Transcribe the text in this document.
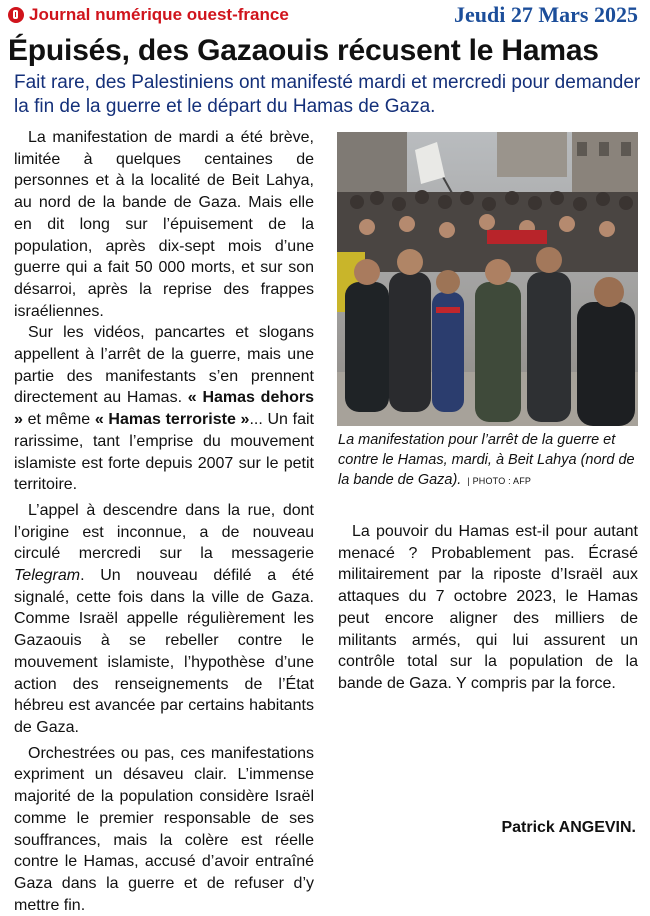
Journal numérique ouest-france	Jeudi 27 Mars 2025
Épuisés, des Gazaouis récusent le Hamas
Fait rare, des Palestiniens ont manifesté mardi et mercredi pour demander la fin de la guerre et le départ du Hamas de Gaza.

La manifestation de mardi a été brève, limitée à quelques centaines de personnes et à la localité de Beit Lahya, au nord de la bande de Gaza. Mais elle en dit long sur l’épuisement de la population, après dix-sept mois d’une guerre qui a fait 50 000 morts, et sur son désarroi, après la reprise des frappes israéliennes.

Sur les vidéos, pancartes et slogans appellent à l’arrêt de la guerre, mais une partie des manifestants s’en prennent directement au Hamas. « Hamas dehors » et même « Hamas terroriste »... Un fait rarissime, tant l’emprise du mouvement islamiste est forte depuis 2007 sur le petit territoire.

L’appel à descendre dans la rue, dont l’origine est inconnue, a de nouveau circulé mercredi sur la messagerie Telegram. Un nouveau défilé a été signalé, cette fois dans la ville de Gaza. Comme Israël appelle régulièrement les Gazaouis à se rebeller contre le mouvement islamiste, l’hypothèse d’une action des renseignements de l’État hébreu est avancée par certains habitants de Gaza.

Orchestrées ou pas, ces manifestations expriment un désaveu clair. L’immense majorité de la population considère Israël comme le premier responsable de ses souffrances, mais la colère est réelle contre le Hamas, accusé d’avoir entraîné Gaza dans la guerre et de refuser d’y mettre fin.

La manifestation pour l’arrêt de la guerre et contre le Hamas, mardi, à Beit Lahya (nord de la bande de Gaza). | PHOTO : AFP

La pouvoir du Hamas est-il pour autant menacé ? Probablement pas. Écrasé militairement par la riposte d’Israël aux attaques du 7 octobre 2023, le Hamas peut encore aligner des milliers de militants armés, qui lui assurent un contrôle total sur la population de la bande de Gaza. Y compris par la force.

Patrick ANGEVIN.
